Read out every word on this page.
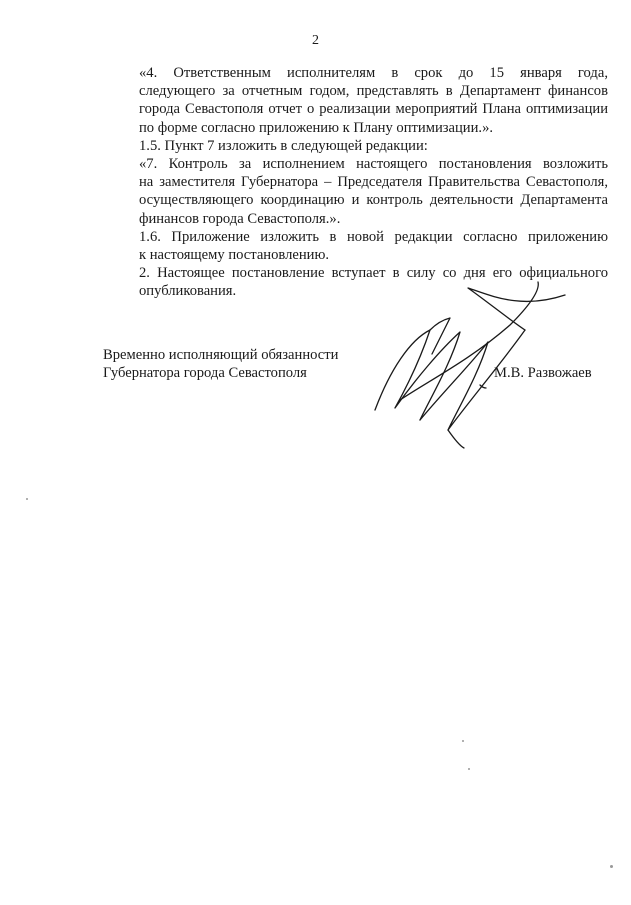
2

«4. Ответственным исполнителям в срок до 15 января года,
следующего за отчетным годом, представлять в Департамент финансов
города Севастополя отчет о реализации мероприятий Плана оптимизации
по форме согласно приложению к Плану оптимизации.».

1.5. Пункт 7 изложить в следующей редакции:

«7. Контроль за исполнением настоящего постановления возложить
на заместителя Губернатора – Председателя Правительства Севастополя,
осуществляющего координацию и контроль деятельности Департамента
финансов города Севастополя.».

1.6. Приложение изложить в новой редакции согласно приложению
к настоящему постановлению.

2. Настоящее постановление вступает в силу со дня его официального
опубликования.

Временно исполняющий обязанности
Губернатора города Севастополя	М.В. Развожаев
